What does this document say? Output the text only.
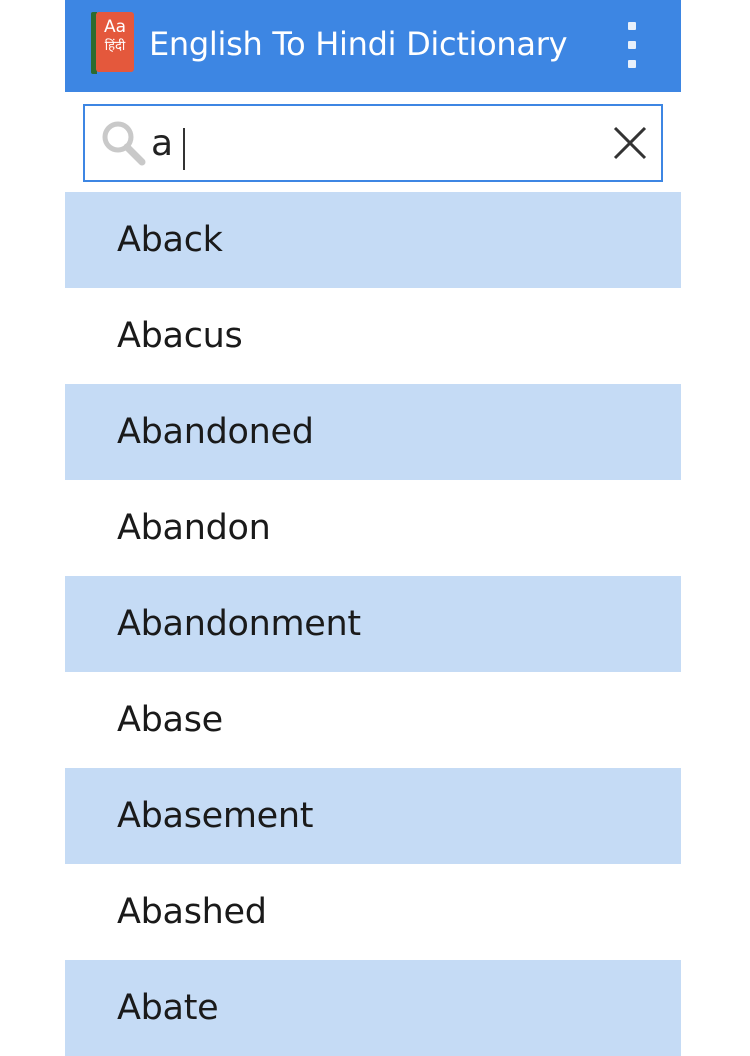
Aa
हिंदी English To Hindi Dictionary
a
Aback
Abacus
Abandoned
Abandon
Abandonment
Abase
Abasement
Abashed
Abate
